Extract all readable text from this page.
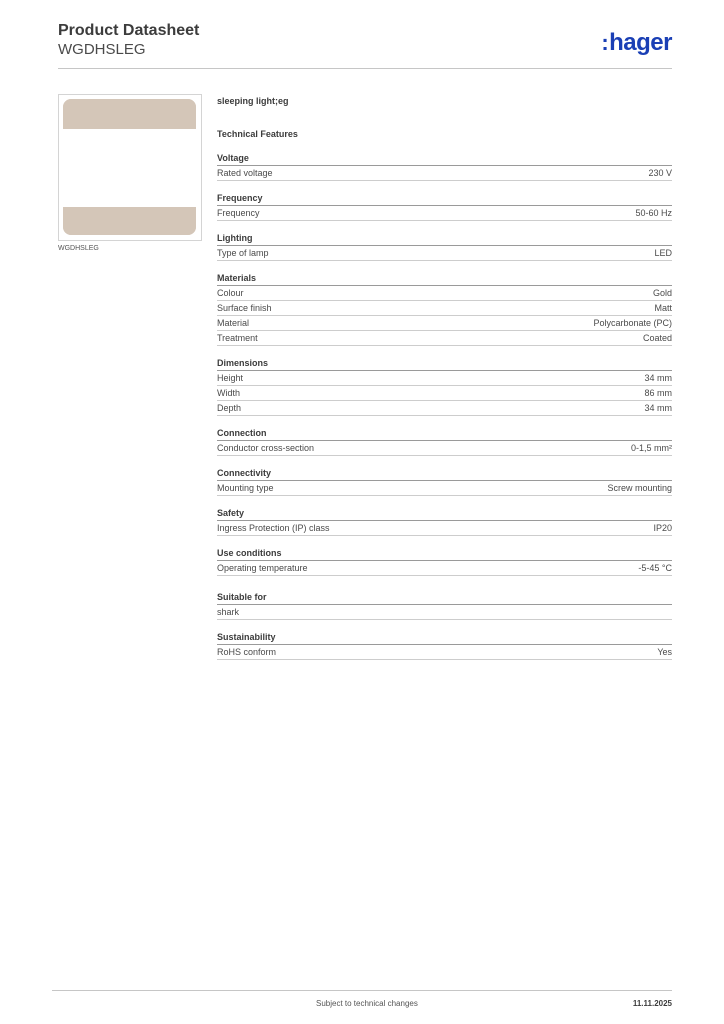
Product Datasheet
WGDHSLEG	:hager
WGDHSLEG
sleeping light;eg
Technical Features
Voltage
Rated voltage	230 V
Frequency
Frequency	50-60 Hz
Lighting
Type of lamp	LED
Materials
Colour	Gold
Surface finish	Matt
Material	Polycarbonate (PC)
Treatment	Coated
Dimensions
Height	34 mm
Width	86 mm
Depth	34 mm
Connection
Conductor cross-section	0-1,5 mm²
Connectivity
Mounting type	Screw mounting
Safety
Ingress Protection (IP) class	IP20
Use conditions
Operating temperature	-5-45 °C
Suitable for
shark
Sustainability
RoHS conform	Yes
Subject to technical changes	11.11.2025
